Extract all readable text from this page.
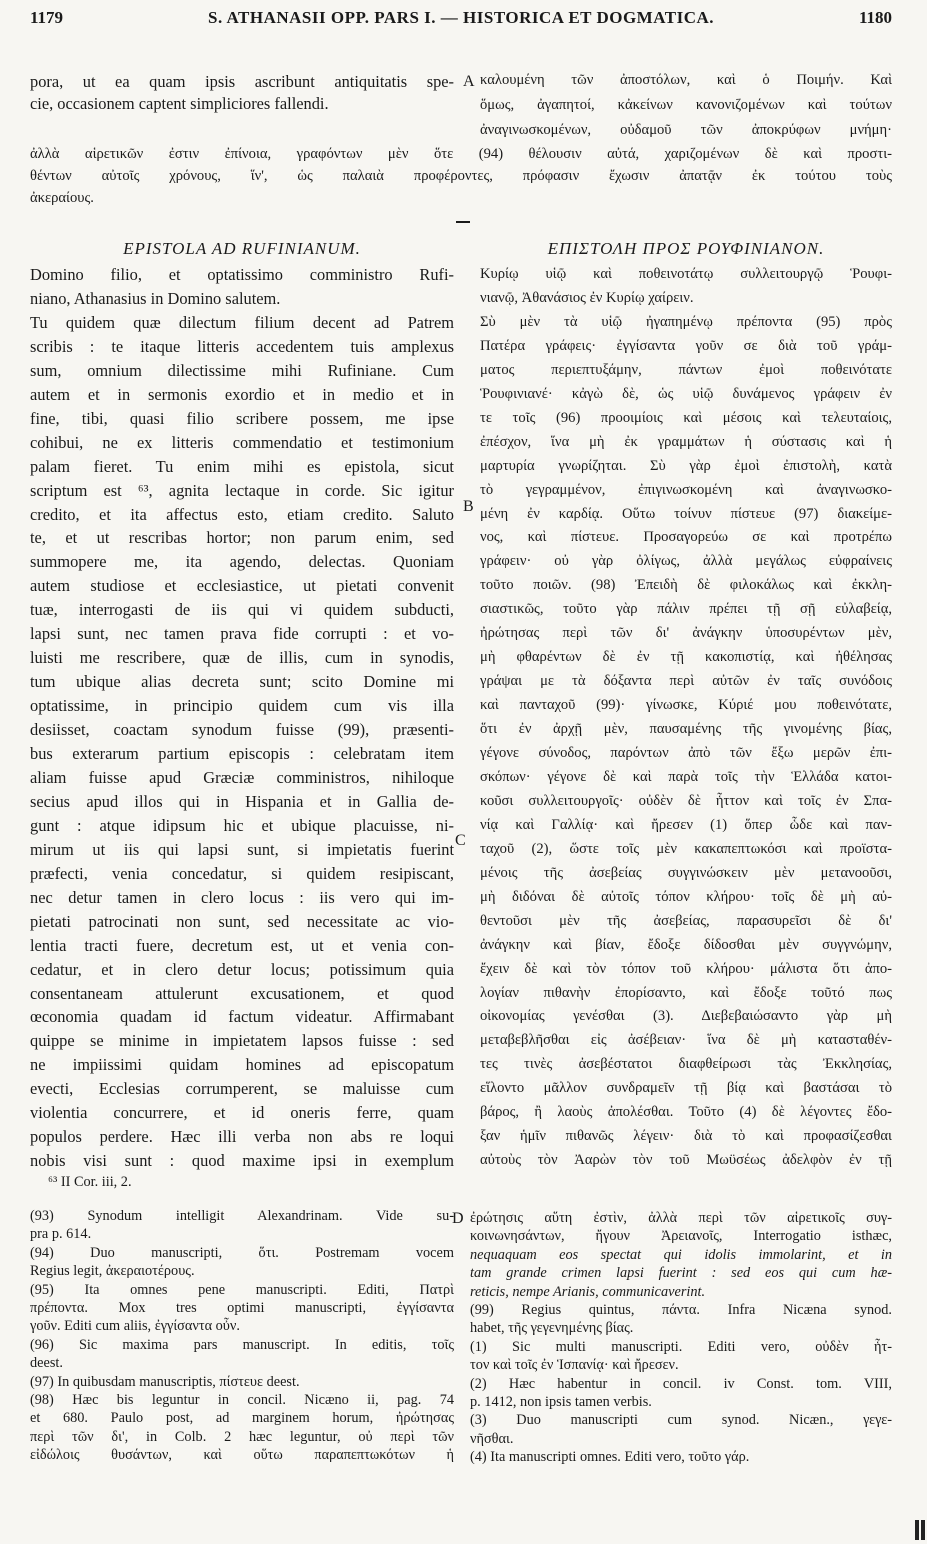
1179	S. ATHANASII OPP. PARS I. — HISTORICA ET DOGMATICA.	1180
pora, ut ea quam ipsis ascribunt antiquitatis spe-
cie, occasionem captent simpliciores fallendi.
A καλουμένη τῶν ἀποστόλων, καὶ ὁ Ποιμήν. Καὶ
ὅμως, ἀγαπητοί, κἀκείνων κανονιζομένων καὶ τούτων
ἀναγινωσκομένων, οὐδαμοῦ τῶν ἀποκρύφων μνήμη·
ἀλλὰ αἱρετικῶν ἐστιν ἐπίνοια, γραφόντων μὲν ὅτε (94) θέλουσιν αὐτά, χαριζομένων δὲ καὶ προστι-
θέντων αὐτοῖς χρόνους, ἵν', ὡς παλαιὰ προφέροντες, πρόφασιν ἔχωσιν ἀπατᾷν ἐκ τούτου τοὺς
ἀκεραίους.
EPISTOLA AD RUFINIANUM.	ΕΠΙΣΤΟΛΗ ΠΡΟΣ ΡΟΥΦΙΝΙΑΝΟΝ.
Domino filio, et optatissimo comministro Rufi-
niano, Athanasius in Domino salutem.
Tu quidem quæ dilectum filium decent ad Patrem
scribis : te itaque litteris accedentem tuis amplexus
sum, omnium dilectissime mihi Rufiniane. Cum
autem et in sermonis exordio et in medio et in
fine, tibi, quasi filio scribere possem, me ipse
cohibui, ne ex litteris commendatio et testimonium
palam fieret. Tu enim mihi es epistola, sicut
scriptum est ⁶³, agnita lectaque in corde. Sic igitur
credito, et ita affectus esto, etiam credito. Saluto
te, et ut rescribas hortor; non parum enim, sed
summopere me, ita agendo, delectas. Quoniam
autem studiose et ecclesiastice, ut pietati convenit
tuæ, interrogasti de iis qui vi quidem subducti,
lapsi sunt, nec tamen prava fide corrupti : et vo-
luisti me rescribere, quæ de illis, cum in synodis,
tum ubique alias decreta sunt; scito Domine mi
optatissime, in principio quidem cum vis illa
desiisset, coactam synodum fuisse (99), præsenti-
bus exterarum partium episcopis : celebratam item
aliam fuisse apud Græciæ comministros, nihiloque
secius apud illos qui in Hispania et in Gallia de-
gunt : atque idipsum hic et ubique placuisse, ni-
mirum ut iis qui lapsi sunt, si impietatis fuerint
præfecti, venia concedatur, si quidem resipiscant,
nec detur tamen in clero locus : iis vero qui im-
pietati patrocinati non sunt, sed necessitate ac vio-
lentia tracti fuere, decretum est, ut et venia con-
cedatur, et in clero detur locus; potissimum quia
consentaneam attulerunt excusationem, et quod
œconomia quadam id factum videatur. Affirmabant
quippe se minime in impietatem lapsos fuisse : sed
ne impiissimi quidam homines ad episcopatum
evecti, Ecclesias corrumperent, se maluisse cum
violentia concurrere, et id oneris ferre, quam
populos perdere. Hæc illi verba non abs re loqui
nobis visi sunt : quod maxime ipsi in exemplum
Κυρίῳ υἱῷ καὶ ποθεινοτάτῳ συλλειτουργῷ Ῥουφι-
νιανῷ, Ἀθανάσιος ἐν Κυρίῳ χαίρειν.
Σὺ μὲν τὰ υἱῷ ἠγαπημένῳ πρέποντα (95) πρὸς
Πατέρα γράφεις· ἐγγίσαντα γοῦν σε διὰ τοῦ γράμ-
ματος περιεπτυξάμην, πάντων ἐμοὶ ποθεινότατε
Ῥουφινιανέ· κἀγὼ δὲ, ὡς υἱῷ δυνάμενος γράφειν ἐν
τε τοῖς (96) προοιμίοις καὶ μέσοις καὶ τελευταίοις,
ἐπέσχον, ἵνα μὴ ἐκ γραμμάτων ἡ σύστασις καὶ ἡ
μαρτυρία γνωρίζηται. Σὺ γὰρ ἐμοὶ ἐπιστολὴ, κατὰ
τὸ γεγραμμένον, ἐπιγινωσκομένη καὶ ἀναγινωσκο-
μένη ἐν καρδίᾳ. Οὕτω τοίνυν πίστευε (97) διακείμε-
νος, καὶ πίστευε. Προσαγορεύω σε καὶ προτρέπω
γράφειν· οὐ γὰρ ὀλίγως, ἀλλὰ μεγάλως εὐφραίνεις
τοῦτο ποιῶν. (98) Ἐπειδὴ δὲ φιλοκάλως καὶ ἐκκλη-
σιαστικῶς, τοῦτο γὰρ πάλιν πρέπει τῇ σῇ εὐλαβείᾳ,
ἠρώτησας περὶ τῶν δι' ἀνάγκην ὑποσυρέντων μὲν,
μὴ φθαρέντων δὲ ἐν τῇ κακοπιστίᾳ, καὶ ἠθέλησας
γράψαι με τὰ δόξαντα περὶ αὐτῶν ἐν ταῖς συνόδοις
καὶ πανταχοῦ (99)· γίνωσκε, Κύριέ μου ποθεινότατε,
ὅτι ἐν ἀρχῇ μὲν, παυσαμένης τῆς γινομένης βίας,
γέγονε σύνοδος, παρόντων ἀπὸ τῶν ἔξω μερῶν ἐπι-
σκόπων· γέγονε δὲ καὶ παρὰ τοῖς τὴν Ἑλλάδα κατοι-
κοῦσι συλλειτουργοῖς· οὐδὲν δὲ ἧττον καὶ τοῖς ἐν Σπα-
νίᾳ καὶ Γαλλίᾳ· καὶ ἤρεσεν (1) ὅπερ ὧδε καὶ παν-
ταχοῦ (2), ὥστε τοῖς μὲν κακαπεπτωκόσι καὶ προϊστα-
μένοις τῆς ἀσεβείας συγγινώσκειν μὲν μετανοοῦσι,
μὴ διδόναι δὲ αὐτοῖς τόπον κλήρου· τοῖς δὲ μὴ αὐ-
θεντοῦσι μὲν τῆς ἀσεβείας, παρασυρεῖσι δὲ δι'
ἀνάγκην καὶ βίαν, ἔδοξε δίδοσθαι μὲν συγγνώμην,
ἔχειν δὲ καὶ τὸν τόπον τοῦ κλήρου· μάλιστα ὅτι ἀπο-
λογίαν πιθανὴν ἐπορίσαντο, καὶ ἔδοξε τοῦτό πως
οἰκονομίας γενέσθαι (3). Διεβεβαιώσαντο γὰρ μὴ
μεταβεβλῆσθαι εἰς ἀσέβειαν· ἵνα δὲ μὴ κατασταθέν-
τες τινὲς ἀσεβέστατοι διαφθείρωσι τὰς Ἐκκλησίας,
εἵλοντο μᾶλλον συνδραμεῖν τῇ βίᾳ καὶ βαστάσαι τὸ
βάρος, ἢ λαοὺς ἀπολέσθαι. Τοῦτο (4) δὲ λέγοντες ἔδο-
ξαν ἡμῖν πιθανῶς λέγειν· διὰ τὸ καὶ προφασίζεσθαι
αὐτοὺς τὸν Ἀαρὼν τὸν τοῦ Μωϋσέως ἀδελφὸν ἐν τῇ
B
C
D
⁶³ II Cor. iii, 2.
(93) Synodum intelligit Alexandrinam. Vide su-
pra p. 614.
(94) Duo manuscripti, ὅτι. Postremam vocem
Regius legit, ἀκεραιοτέρους.
(95) Ita omnes pene manuscripti. Editi, Πατρὶ
πρέποντα. Mox tres optimi manuscripti, ἐγγίσαντα
γοῦν. Editi cum aliis, ἐγγίσαντα οὖν.
(96) Sic maxima pars manuscript. In editis, τοῖς
deest.
(97) In quibusdam manuscriptis, πίστευε deest.
(98) Hæc bis leguntur in concil. Nicæno ii, pag. 74
et 680. Paulo post, ad marginem horum, ἠρώτησας
περὶ τῶν δι', in Colb. 2 hæc leguntur, οὐ περὶ τῶν
εἰδώλοις θυσάντων, καὶ οὕτω παραπεπτωκότων ἡ
ἐρώτησις αὕτη ἐστὶν, ἀλλὰ περὶ τῶν αἱρετικοῖς συγ-
κοινωνησάντων, ἤγουν Ἀρειανοῖς, Interrogatio isthæc,
nequaquam eos spectat qui idolis immolarint, et in
tam grande crimen lapsi fuerint : sed eos qui cum hæ-
reticis, nempe Arianis, communicaverint.
(99) Regius quintus, πάντα. Infra Nicæna synod.
habet, τῆς γεγενημένης βίας.
(1) Sic multi manuscripti. Editi vero, οὐδὲν ἧτ-
τον καὶ τοῖς ἐν Ἱσπανίᾳ· καὶ ἤρεσεν.
(2) Hæc habentur in concil. iv Const. tom. VIII,
p. 1412, non ipsis tamen verbis.
(3) Duo manuscripti cum synod. Nicæn., γεγε-
νῆσθαι.
(4) Ita manuscripti omnes. Editi vero, τοῦτο γάρ.
